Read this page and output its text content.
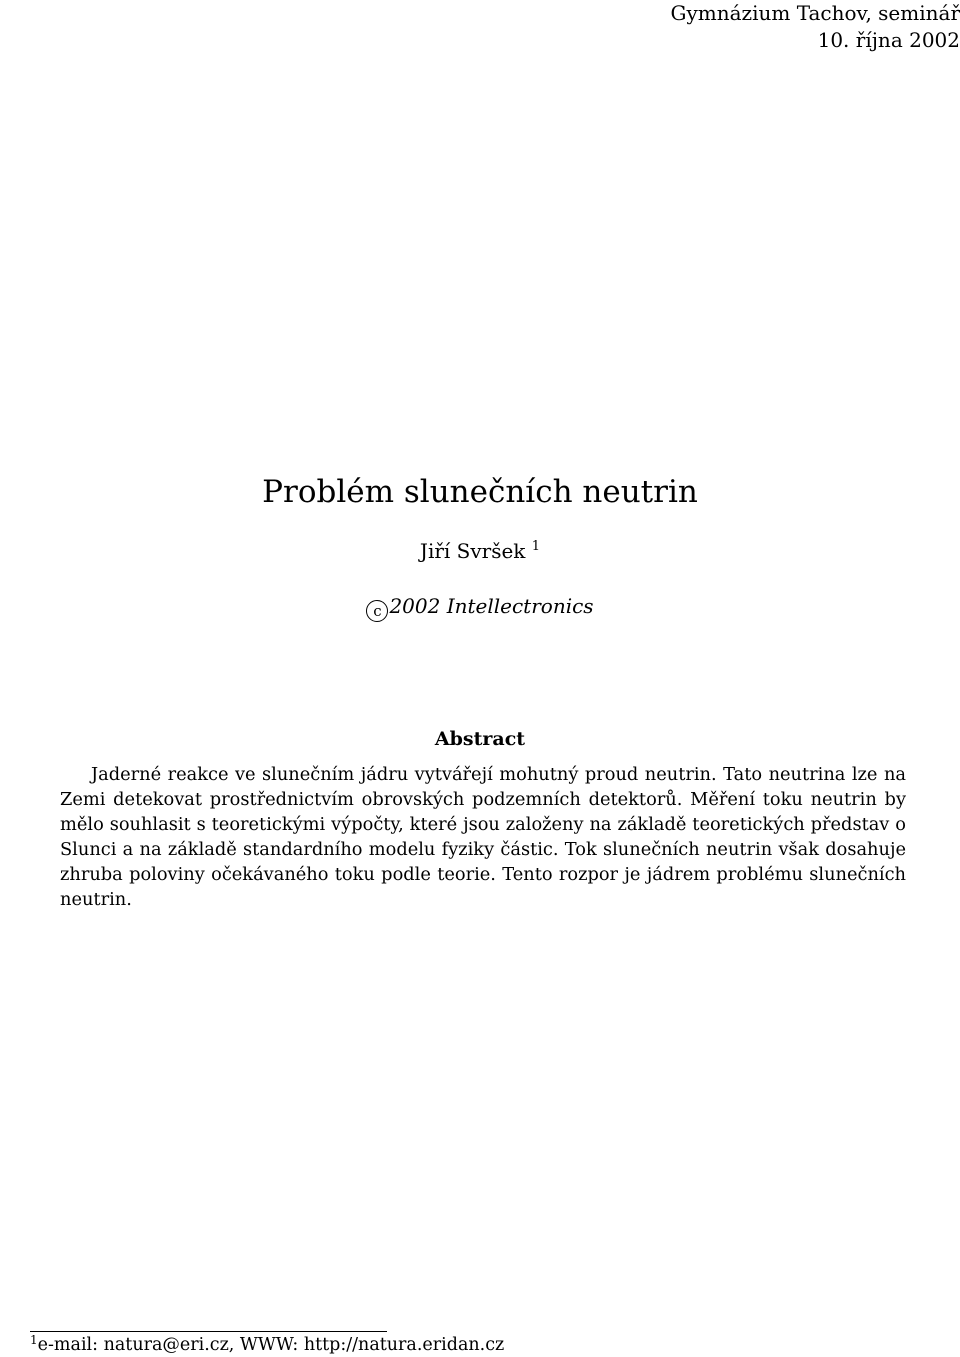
Gymnázium Tachov, seminář
10. října 2002
Problém slunečních neutrin
Jiří Svršek $^1$
c 2002 Intellectronics
Abstract
Jaderné reakce ve slunečním jádru vytvářejí mohutný proud neutrin. Tato neutrina lze na
Zemi detekovat prostřednictvím obrovských podzemních detektorů. Měření toku neutrin by
mělo souhlasit s teoretickými výpočty, které jsou založeny na základě teoretických představ o
Slunci a na základě standardního modelu fyziky částic. Tok slunečních neutrin však dosahuje
zhruba poloviny očekávaného toku podle teorie. Tento rozpor je jádrem problému slunečních
neutrin.
$^1$e-mail: natura@eri.cz, WWW: http://natura.eridan.cz
